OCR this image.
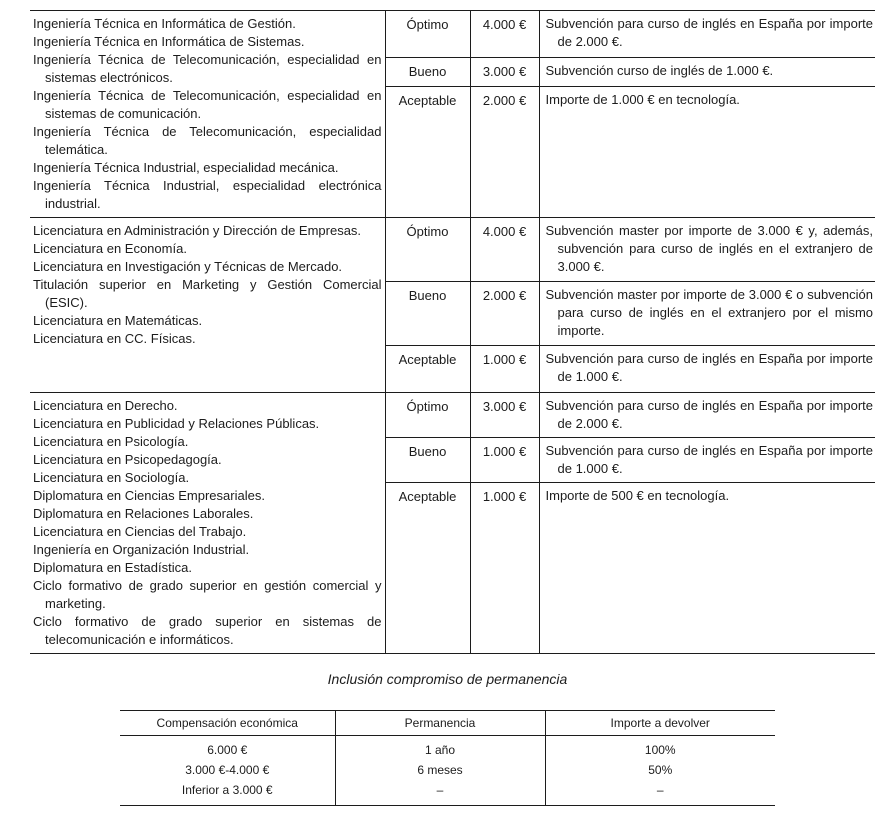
Ingeniería Técnica en Informática de Gestión.

Ingeniería Técnica en Informática de Sistemas.

Ingeniería Técnica de Telecomunicación, especialidad en sistemas electrónicos.

Ingeniería Técnica de Telecomunicación, especialidad en sistemas de comunicación.

Ingeniería Técnica de Telecomunicación, especialidad telemática.

Ingeniería Técnica Industrial, especialidad mecánica.

Ingeniería Técnica Industrial, especialidad electrónica industrial.

	Óptimo	4.000 €	Subvención para curso de inglés en España por importe de 2.000 €.

	Bueno	3.000 €	Subvención curso de inglés de 1.000 €.

	Aceptable	2.000 €	Importe de 1.000 € en tecnología.

Licenciatura en Administración y Dirección de Empresas.

Licenciatura en Economía.

Licenciatura en Investigación y Técnicas de Mercado.

Titulación superior en Marketing y Gestión Comercial (ESIC).

Licenciatura en Matemáticas.

Licenciatura en CC. Físicas.

	Óptimo	4.000 €	Subvención master por importe de 3.000 € y, además, subvención para curso de inglés en el extranjero de 3.000 €.

	Bueno	2.000 €	Subvención master por importe de 3.000 € o subvención para curso de inglés en el extranjero por el mismo importe.

	Aceptable	1.000 €	Subvención para curso de inglés en España por importe de 1.000 €.

Licenciatura en Derecho.

Licenciatura en Publicidad y Relaciones Públicas.

Licenciatura en Psicología.

Licenciatura en Psicopedagogía.

Licenciatura en Sociología.

Diplomatura en Ciencias Empresariales.

Diplomatura en Relaciones Laborales.

Licenciatura en Ciencias del Trabajo.

Ingeniería en Organización Industrial.

Diplomatura en Estadística.

Ciclo formativo de grado superior en gestión comercial y marketing.

Ciclo formativo de grado superior en sistemas de telecomunicación e informáticos.

	Óptimo	3.000 €	Subvención para curso de inglés en España por importe de 2.000 €.

	Bueno	1.000 €	Subvención para curso de inglés en España por importe de 1.000 €.

	Aceptable	1.000 €	Importe de 500 € en tecnología.

Inclusión compromiso de permanencia
Compensación económica	Permanencia	Importe a devolver
6.000 €	1 año	100%
3.000 €-4.000 €	6 meses	50%
Inferior a 3.000 €	–	–
